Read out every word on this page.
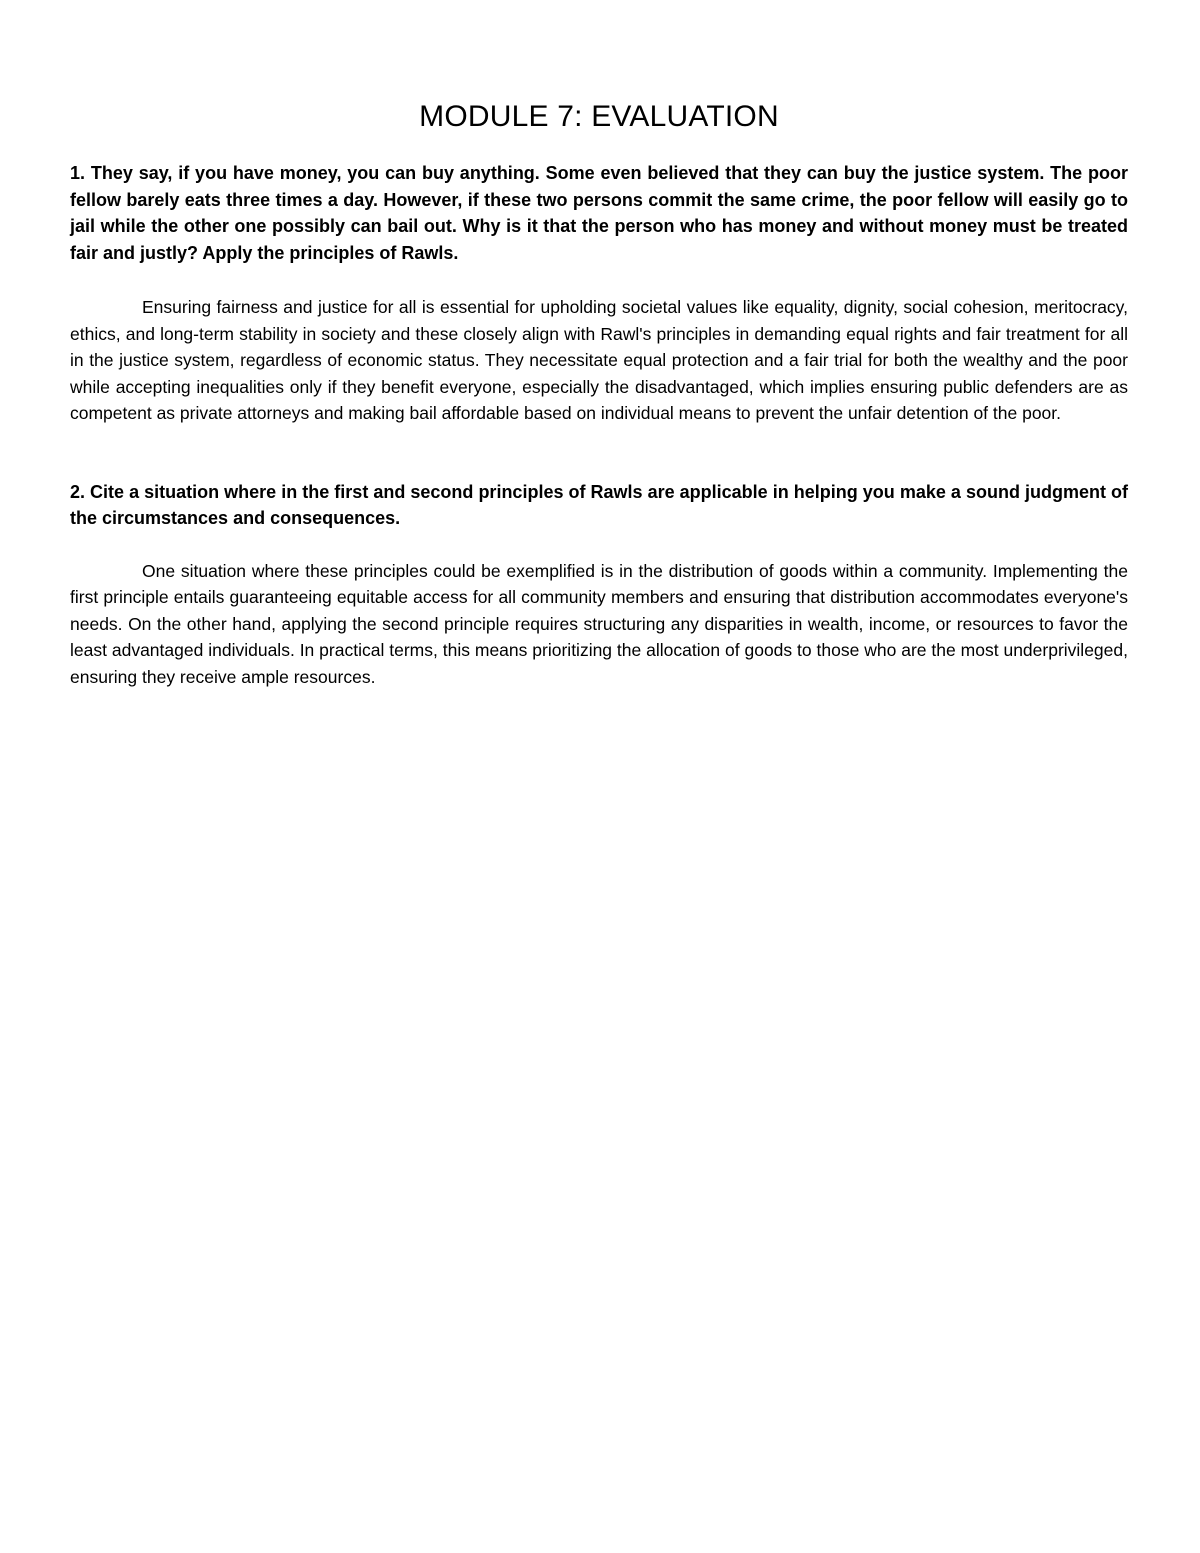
MODULE 7: EVALUATION

1. They say, if you have money, you can buy anything. Some even believed that they can buy the justice system. The poor fellow barely eats three times a day. However, if these two persons commit the same crime, the poor fellow will easily go to jail while the other one possibly can bail out. Why is it that the person who has money and without money must be treated fair and justly? Apply the principles of Rawls.

Ensuring fairness and justice for all is essential for upholding societal values like equality, dignity, social cohesion, meritocracy, ethics, and long-term stability in society and these closely align with Rawl's principles in demanding equal rights and fair treatment for all in the justice system, regardless of economic status. They necessitate equal protection and a fair trial for both the wealthy and the poor while accepting inequalities only if they benefit everyone, especially the disadvantaged, which implies ensuring public defenders are as competent as private attorneys and making bail affordable based on individual means to prevent the unfair detention of the poor.

2. Cite a situation where in the first and second principles of Rawls are applicable in helping you make a sound judgment of the circumstances and consequences.

One situation where these principles could be exemplified is in the distribution of goods within a community. Implementing the first principle entails guaranteeing equitable access for all community members and ensuring that distribution accommodates everyone's needs. On the other hand, applying the second principle requires structuring any disparities in wealth, income, or resources to favor the least advantaged individuals. In practical terms, this means prioritizing the allocation of goods to those who are the most underprivileged, ensuring they receive ample resources.
